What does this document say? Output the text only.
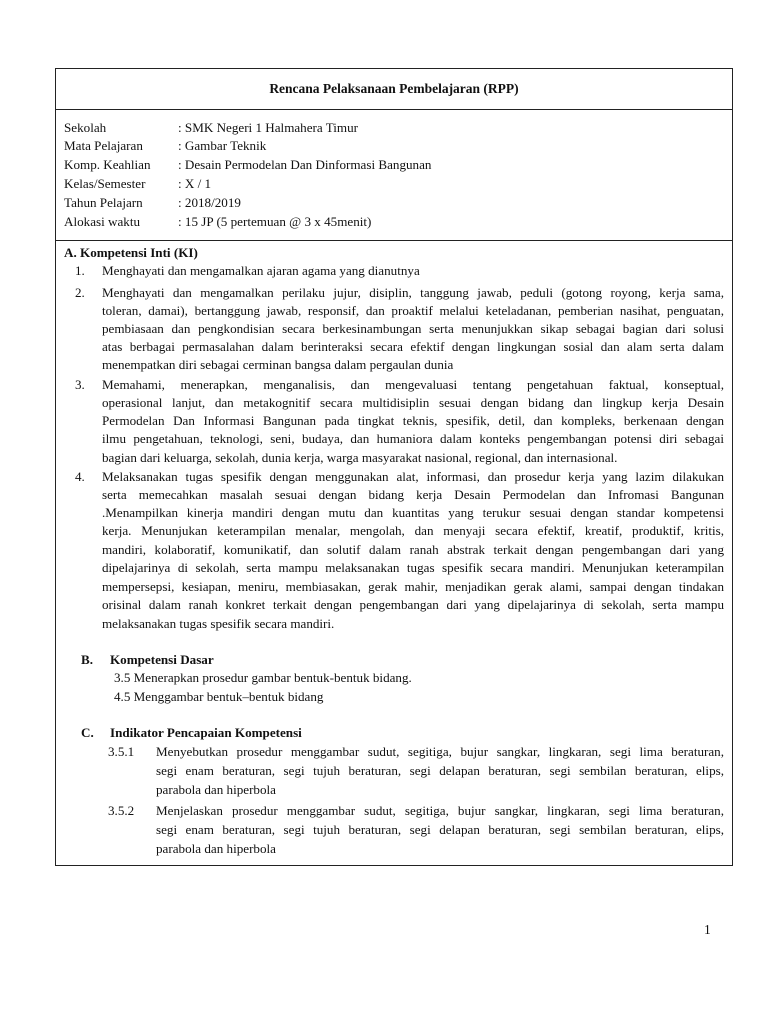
Rencana Pelaksanaan Pembelajaran (RPP)
Sekolah	: SMK Negeri 1 Halmahera Timur
Mata Pelajaran	: Gambar Teknik
Komp. Keahlian : Desain Permodelan Dan Dinformasi Bangunan
Kelas/Semester : X / 1
Tahun Pelajarn	: 2018/2019
Alokasi waktu	: 15 JP (5 pertemuan @ 3 x 45menit)
A. Kompetensi Inti (KI)
1. Menghayati dan mengamalkan ajaran agama yang dianutnya
2. Menghayati dan mengamalkan perilaku jujur, disiplin, tanggung jawab, peduli (gotong royong, kerja sama,
toleran, damai), bertanggung jawab, responsif, dan proaktif melalui keteladanan, pemberian nasihat, penguatan,
pembiasaan dan pengkondisian secara berkesinambungan serta menunjukkan sikap sebagai bagian dari solusi
atas berbagai permasalahan dalam berinteraksi secara efektif dengan lingkungan sosial dan alam serta dalam
menempatkan diri sebagai cerminan bangsa dalam pergaulan dunia
3. Memahami, menerapkan, menganalisis, dan mengevaluasi tentang pengetahuan faktual, konseptual,
operasional lanjut, dan metakognitif secara multidisiplin sesuai dengan bidang dan lingkup kerja Desain
Permodelan Dan Informasi Bangunan pada tingkat teknis, spesifik, detil, dan kompleks, berkenaan dengan
ilmu pengetahuan, teknologi, seni, budaya, dan humaniora dalam konteks pengembangan potensi diri sebagai
bagian dari keluarga, sekolah, dunia kerja, warga masyarakat nasional, regional, dan internasional.
4. Melaksanakan tugas spesifik dengan menggunakan alat, informasi, dan prosedur kerja yang lazim dilakukan
serta memecahkan masalah sesuai dengan bidang kerja Desain Permodelan dan Infromasi Bangunan
.Menampilkan kinerja mandiri dengan mutu dan kuantitas yang terukur sesuai dengan standar kompetensi
kerja. Menunjukan keterampilan menalar, mengolah, dan menyaji secara efektif, kreatif, produktif, kritis,
mandiri, kolaboratif, komunikatif, dan solutif dalam ranah abstrak terkait dengan pengembangan dari yang
dipelajarinya di sekolah, serta mampu melaksanakan tugas spesifik secara mandiri. Menunjukan keterampilan
mempersepsi, kesiapan, meniru, membiasakan, gerak mahir, menjadikan gerak alami, sampai dengan tindakan
orisinal dalam ranah konkret terkait dengan pengembangan dari yang dipelajarinya di sekolah, serta mampu
melaksanakan tugas spesifik secara mandiri.
B. Kompetensi Dasar
3.5 Menerapkan prosedur gambar bentuk-bentuk bidang.
4.5 Menggambar bentuk–bentuk bidang
C. Indikator Pencapaian Kompetensi
3.5.1 Menyebutkan prosedur menggambar sudut, segitiga, bujur sangkar, lingkaran, segi lima beraturan,
segi enam beraturan, segi tujuh beraturan, segi delapan beraturan, segi sembilan beraturan, elips,
parabola dan hiperbola
3.5.2 Menjelaskan prosedur menggambar sudut, segitiga, bujur sangkar, lingkaran, segi lima beraturan,
segi enam beraturan, segi tujuh beraturan, segi delapan beraturan, segi sembilan beraturan, elips,
parabola dan hiperbola
1
